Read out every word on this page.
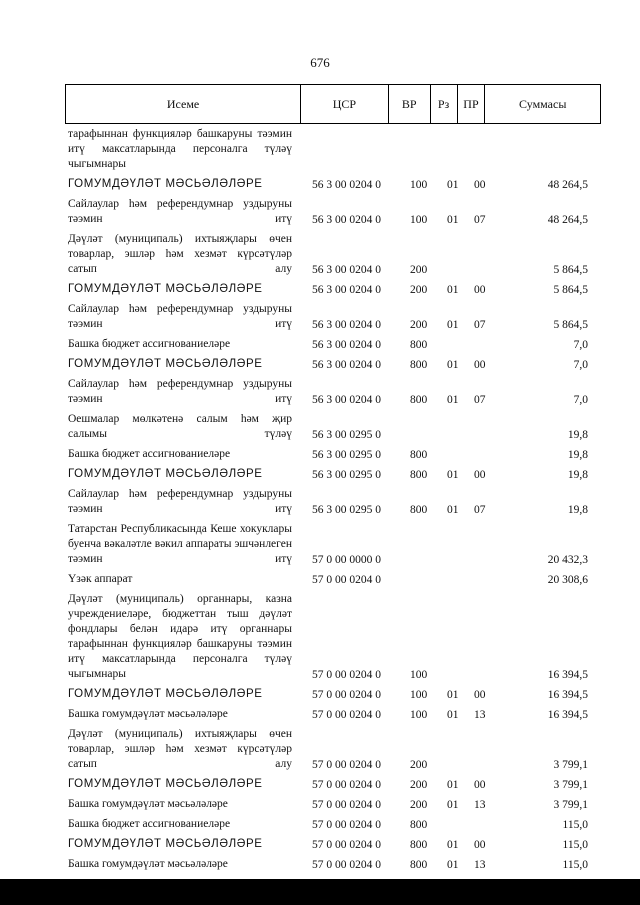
676
Исеме	ЦСР	ВР	Рз	ПР	Суммасы
тарафыннан функцияләр башкаруны тәэмин итү максатларында персоналга түләү чыгымнары
ГОМУМДӘҮЛӘТ МӘСЬӘЛӘЛӘРЕ	56 3 00 0204 0	100 01 00	48 264,5
Сайлаулар һәм референдумнар уздыруны тәэмин итү 56 3 00 0204 0	100 01 07	48 264,5
Дәүләт (муниципаль) ихтыяҗлары өчен товарлар, эшләр һәм хезмәт күрсәтүләр сатып алу 56 3 00 0204 0	200	5 864,5
ГОМУМДӘҮЛӘТ МӘСЬӘЛӘЛӘРЕ	56 3 00 0204 0	200 01 00	5 864,5
Сайлаулар һәм референдумнар уздыруны тәэмин итү 56 3 00 0204 0	200 01 07	5 864,5
Башка бюджет ассигнованиеләре	56 3 00 0204 0	800	7,0
ГОМУМДӘҮЛӘТ МӘСЬӘЛӘЛӘРЕ	56 3 00 0204 0	800 01 00	7,0
Сайлаулар һәм референдумнар уздыруны тәэмин итү 56 3 00 0204 0	800 01 07	7,0
Оешмалар мөлкәтенә салым һәм җир салымы түләү 56 3 00 0295 0	19,8
Башка бюджет ассигнованиеләре	56 3 00 0295 0	800	19,8
ГОМУМДӘҮЛӘТ МӘСЬӘЛӘЛӘРЕ	56 3 00 0295 0	800 01 00	19,8
Сайлаулар һәм референдумнар уздыруны тәэмин итү 56 3 00 0295 0	800 01 07	19,8
Татарстан Республикасында Кеше хокуклары буенча вәкаләтле вәкил аппараты эшчәнлеген тәэмин итү 57 0 00 0000 0	20 432,3
Үзәк аппарат	57 0 00 0204 0	20 308,6
Дәүләт (муниципаль) органнары, казна учреждениеләре, бюджеттан тыш дәүләт фондлары белән идарә итү органнары тарафыннан функцияләр башкаруны тәэмин итү максатларында персоналга түләү чыгымнары	57 0 00 0204 0	100	16 394,5
ГОМУМДӘҮЛӘТ МӘСЬӘЛӘЛӘРЕ	57 0 00 0204 0	100 01 00	16 394,5
Башка гомумдәүләт мәсьәләләре	57 0 00 0204 0	100 01 13	16 394,5
Дәүләт (муниципаль) ихтыяҗлары өчен товарлар, эшләр һәм хезмәт күрсәтүләр сатып алу 57 0 00 0204 0	200	3 799,1
ГОМУМДӘҮЛӘТ МӘСЬӘЛӘЛӘРЕ	57 0 00 0204 0	200 01 00	3 799,1
Башка гомумдәүләт мәсьәләләре	57 0 00 0204 0	200 01 13	3 799,1
Башка бюджет ассигнованиеләре	57 0 00 0204 0	800	115,0
ГОМУМДӘҮЛӘТ МӘСЬӘЛӘЛӘРЕ	57 0 00 0204 0	800 01 00	115,0
Башка гомумдәүләт мәсьәләләре	57 0 00 0204 0	800 01 13	115,0
